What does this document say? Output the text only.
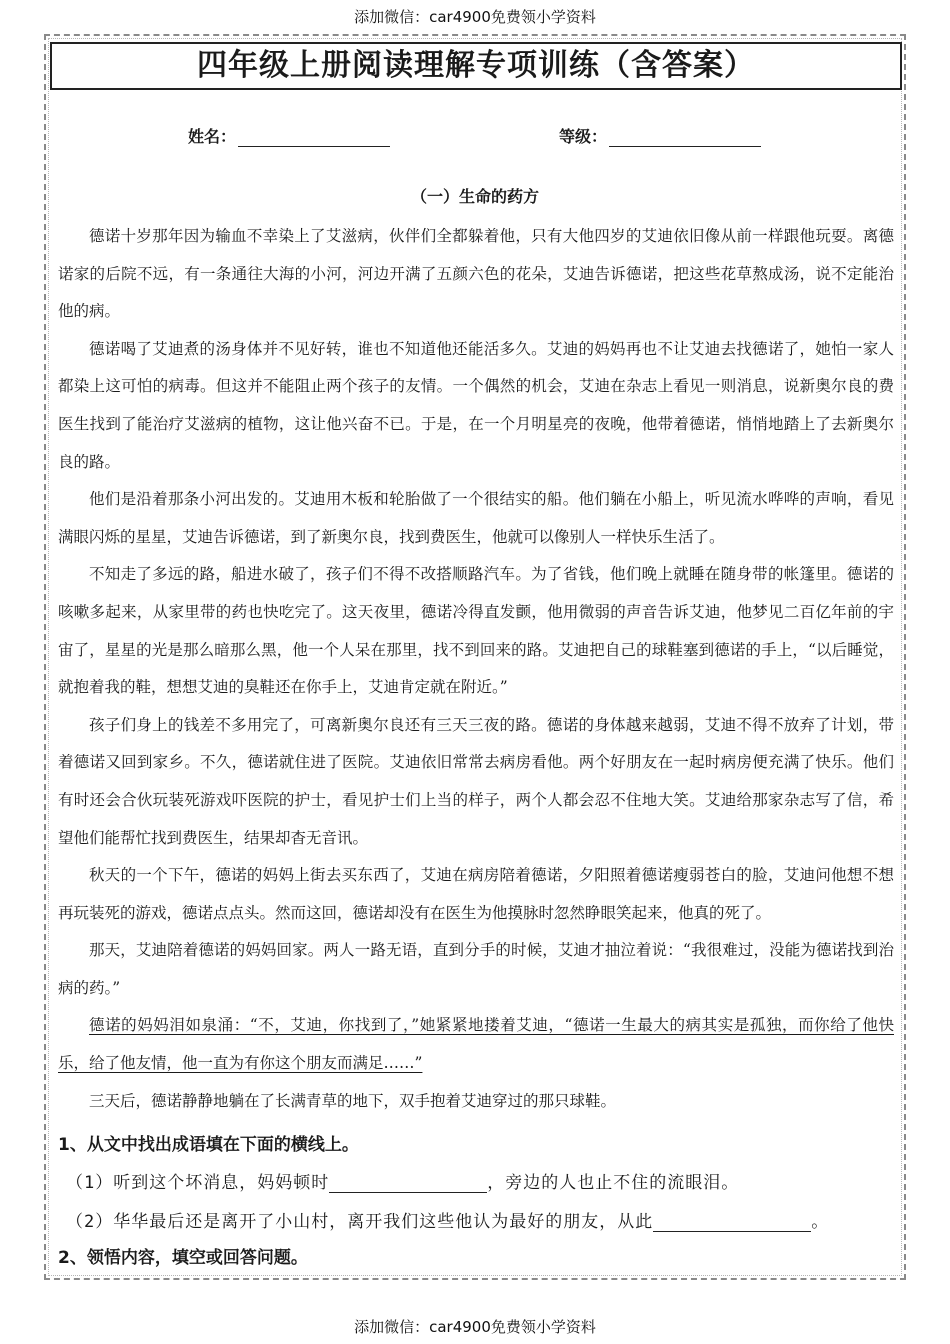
添加微信：car4900免费领小学资料
四年级上册阅读理解专项训练（含答案）
姓名：	等级：
（一）生命的药方

德诺十岁那年因为输血不幸染上了艾滋病，伙伴们全都躲着他，只有大他四岁的艾迪依旧像从前一样跟他玩耍。离德诺家的后院不远，有一条通往大海的小河，河边开满了五颜六色的花朵，艾迪告诉德诺，把这些花草熬成汤，说不定能治他的病。

德诺喝了艾迪煮的汤身体并不见好转，谁也不知道他还能活多久。艾迪的妈妈再也不让艾迪去找德诺了，她怕一家人都染上这可怕的病毒。但这并不能阻止两个孩子的友情。一个偶然的机会，艾迪在杂志上看见一则消息，说新奥尔良的费医生找到了能治疗艾滋病的植物，这让他兴奋不已。于是，在一个月明星亮的夜晚，他带着德诺，悄悄地踏上了去新奥尔良的路。

他们是沿着那条小河出发的。艾迪用木板和轮胎做了一个很结实的船。他们躺在小船上，听见流水哗哗的声响，看见满眼闪烁的星星，艾迪告诉德诺，到了新奥尔良，找到费医生，他就可以像别人一样快乐生活了。

不知走了多远的路，船进水破了，孩子们不得不改搭顺路汽车。为了省钱，他们晚上就睡在随身带的帐篷里。德诺的咳嗽多起来，从家里带的药也快吃完了。这天夜里，德诺冷得直发颤，他用微弱的声音告诉艾迪，他梦见二百亿年前的宇宙了，星星的光是那么暗那么黑，他一个人呆在那里，找不到回来的路。艾迪把自己的球鞋塞到德诺的手上，“以后睡觉，就抱着我的鞋，想想艾迪的臭鞋还在你手上，艾迪肯定就在附近。”

孩子们身上的钱差不多用完了，可离新奥尔良还有三天三夜的路。德诺的身体越来越弱，艾迪不得不放弃了计划，带着德诺又回到家乡。不久，德诺就住进了医院。艾迪依旧常常去病房看他。两个好朋友在一起时病房便充满了快乐。他们有时还会合伙玩装死游戏吓医院的护士，看见护士们上当的样子，两个人都会忍不住地大笑。艾迪给那家杂志写了信，希望他们能帮忙找到费医生，结果却杳无音讯。

秋天的一个下午，德诺的妈妈上街去买东西了，艾迪在病房陪着德诺，夕阳照着德诺瘦弱苍白的脸，艾迪问他想不想再玩装死的游戏，德诺点点头。然而这回，德诺却没有在医生为他摸脉时忽然睁眼笑起来，他真的死了。

那天，艾迪陪着德诺的妈妈回家。两人一路无语，直到分手的时候，艾迪才抽泣着说：“我很难过，没能为德诺找到治病的药。”

德诺的妈妈泪如泉涌：“不，艾迪，你找到了，”她紧紧地搂着艾迪，“德诺一生最大的病其实是孤独，而你给了他快乐，给了他友情，他一直为有你这个朋友而满足……”

三天后，德诺静静地躺在了长满青草的地下，双手抱着艾迪穿过的那只球鞋。

1、从文中找出成语填在下面的横线上。
（1）听到这个坏消息，妈妈顿时	，旁边的人也止不住的流眼泪。
（2）华华最后还是离开了小山村，离开我们这些他认为最好的朋友，从此	。
2、领悟内容，填空或回答问题。
添加微信：car4900免费领小学资料
